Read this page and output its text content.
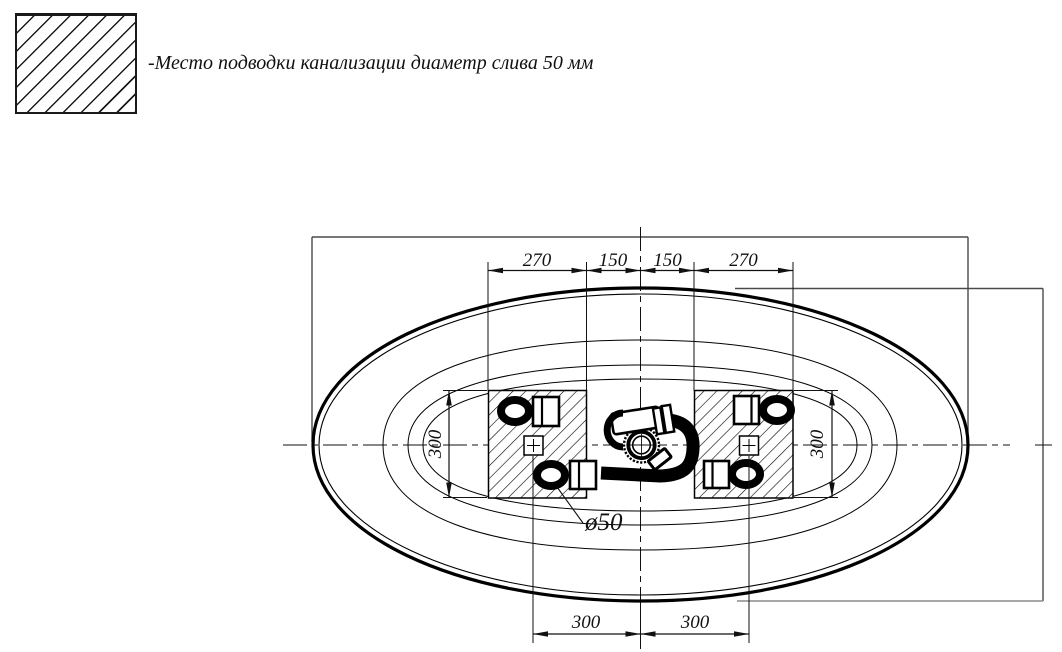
-Место подводки канализации диаметр слива 50 мм
270	150 150	270
300	300
300	300
ø50
